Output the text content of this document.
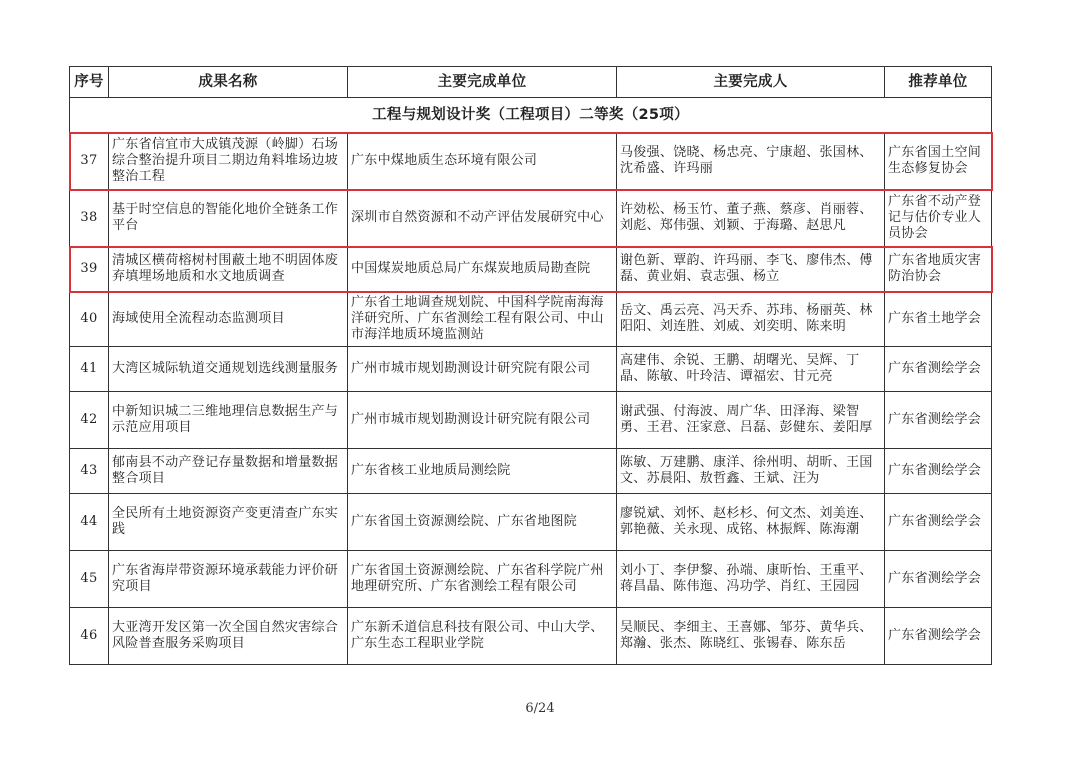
序号	成果名称	主要完成单位	主要完成人	推荐单位
工程与规划设计奖（工程项目）二等奖（25项）				
37	广东省信宜市大成镇茂源（岭脚）石场综合整治提升项目二期边角料堆场边坡整治工程	广东中煤地质生态环境有限公司	马俊强、饶晓、杨忠亮、宁康超、张国林、沈希盛、许玛丽	广东省国土空间生态修复协会
38	基于时空信息的智能化地价全链条工作平台	深圳市自然资源和不动产评估发展研究中心	许効松、杨玉竹、董子燕、蔡彦、肖丽蓉、刘彪、郑伟强、刘颖、于海璐、赵思凡	广东省不动产登记与估价专业人员协会
39	清城区横荷榕树村围蔽土地不明固体废弃填埋场地质和水文地质调查	中国煤炭地质总局广东煤炭地质局勘查院	谢色新、覃韵、许玛丽、李飞、廖伟杰、傅磊、黄业娟、袁志强、杨立	广东省地质灾害防治协会
40	海域使用全流程动态监测项目	广东省土地调查规划院、中国科学院南海海洋研究所、广东省测绘工程有限公司、中山市海洋地质环境监测站	岳文、禹云亮、冯天乔、苏玮、杨丽英、林阳阳、刘连胜、刘威、刘奕明、陈来明	广东省土地学会
41	大湾区城际轨道交通规划选线测量服务	广州市城市规划勘测设计研究院有限公司	高建伟、余锐、王鹏、胡曙光、吴辉、丁晶、陈敏、叶玲洁、谭福宏、甘元亮	广东省测绘学会
42	中新知识城二三维地理信息数据生产与示范应用项目	广州市城市规划勘测设计研究院有限公司	谢武强、付海波、周广华、田泽海、梁智勇、王君、汪家意、吕磊、彭健东、姜阳厚	广东省测绘学会
43	郁南县不动产登记存量数据和增量数据整合项目	广东省核工业地质局测绘院	陈敏、万建鹏、康洋、徐州明、胡昕、王国文、苏晨阳、敖哲鑫、王斌、汪为	广东省测绘学会
44	全民所有土地资源资产变更清查广东实践	广东省国土资源测绘院、广东省地图院	廖锐斌、刘怀、赵杉杉、何文杰、刘美连、郭艳薇、关永现、成铭、林振辉、陈海潮	广东省测绘学会
45	广东省海岸带资源环境承载能力评价研究项目	广东省国土资源测绘院、广东省科学院广州地理研究所、广东省测绘工程有限公司	刘小丁、李伊黎、孙端、康昕怡、王重平、蒋昌晶、陈伟迤、冯功学、肖红、王园园	广东省测绘学会
46	大亚湾开发区第一次全国自然灾害综合风险普查服务采购项目	广东新禾道信息科技有限公司、中山大学、广东生态工程职业学院	吴顺民、李细主、王喜娜、邹芬、黄华兵、郑瀚、张杰、陈晓红、张锡春、陈东岳	广东省测绘学会
6/24
